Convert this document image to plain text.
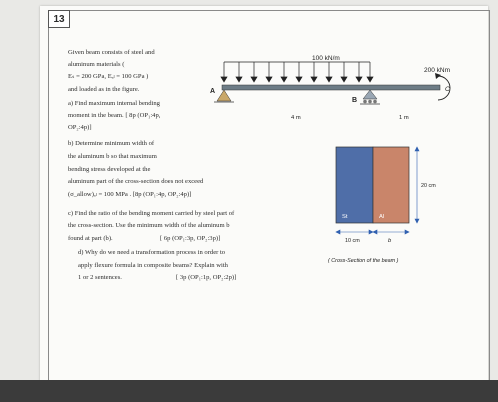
13
Given beam consists of steel and
aluminum materials (
Eₛ = 200 GPa, Eₐₗ = 100 GPa )
and loaded as in the figure.
a) Find maximum internal bending
moment in the beam. [ 8p (OP₁:4p,
OP₂:4p)]
b) Determine minimum width of
the aluminum b so that maximum
bending stress developed at the
aluminum part of the cross-section does not exceed
(σ_allow)ₐₗ = 100 MPa . [8p (OP₁:4p, OP₂:4p)]
c) Find the ratio of the bending moment carried by steel part of
the cross-section. Use the minimum width of the aluminum b
found at part (b).	[ 6p (OP₁:3p, OP₂:3p)]
d) Why do we need a transformation process in order to
apply flexure formula in composite beams? Explain with
1 or 2 sentences.	[ 3p (OP₁:1p, OP₂:2p)]
100 kN/m
A
B
200 kNm
C
4 m	1 m
St	Al
20 cm
10 cm	b
( Cross-Section of the beam )
